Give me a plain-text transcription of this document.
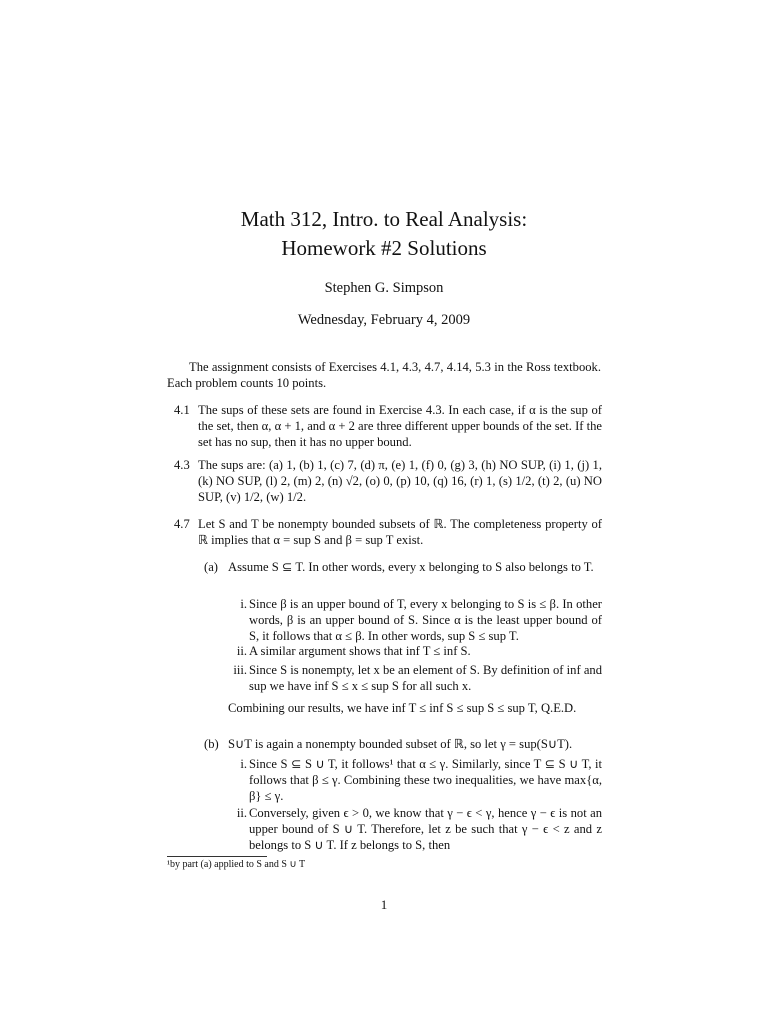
Math 312, Intro. to Real Analysis:
Homework #2 Solutions
Stephen G. Simpson
Wednesday, February 4, 2009
The assignment consists of Exercises 4.1, 4.3, 4.7, 4.14, 5.3 in the Ross textbook. Each problem counts 10 points.
4.1 The sups of these sets are found in Exercise 4.3. In each case, if α is the sup of the set, then α, α + 1, and α + 2 are three different upper bounds of the set. If the set has no sup, then it has no upper bound.
4.3 The sups are: (a) 1, (b) 1, (c) 7, (d) π, (e) 1, (f) 0, (g) 3, (h) NO SUP, (i) 1, (j) 1, (k) NO SUP, (l) 2, (m) 2, (n) √2, (o) 0, (p) 10, (q) 16, (r) 1, (s) 1/2, (t) 2, (u) NO SUP, (v) 1/2, (w) 1/2.
4.7 Let S and T be nonempty bounded subsets of ℝ. The completeness property of ℝ implies that α = sup S and β = sup T exist.
(a) Assume S ⊆ T. In other words, every x belonging to S also belongs to T.
i. Since β is an upper bound of T, every x belonging to S is ≤ β. In other words, β is an upper bound of S. Since α is the least upper bound of S, it follows that α ≤ β. In other words, sup S ≤ sup T.
ii. A similar argument shows that inf T ≤ inf S.
iii. Since S is nonempty, let x be an element of S. By definition of inf and sup we have inf S ≤ x ≤ sup S for all such x.
Combining our results, we have inf T ≤ inf S ≤ sup S ≤ sup T, Q.E.D.
(b) S∪T is again a nonempty bounded subset of ℝ, so let γ = sup(S∪T).
i. Since S ⊆ S ∪ T, it follows¹ that α ≤ γ. Similarly, since T ⊆ S ∪ T, it follows that β ≤ γ. Combining these two inequalities, we have max{α, β} ≤ γ.
ii. Conversely, given ϵ > 0, we know that γ − ϵ < γ, hence γ − ϵ is not an upper bound of S ∪ T. Therefore, let z be such that γ − ϵ < z and z belongs to S ∪ T. If z belongs to S, then
¹by part (a) applied to S and S ∪ T
1
